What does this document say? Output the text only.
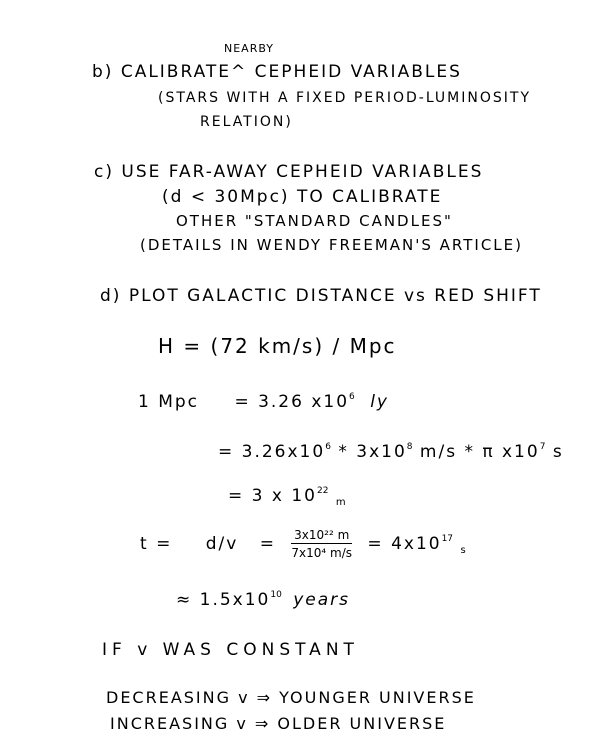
NEARBY
b) CALIBRATE^ CEPHEID VARIABLES
(STARS WITH A FIXED PERIOD-LUMINOSITY
RELATION)
c) USE FAR-AWAY CEPHEID VARIABLES
(d < 30Mpc) TO CALIBRATE
OTHER "STANDARD CANDLES"
(DETAILS IN WENDY FREEMAN'S ARTICLE)
d) PLOT GALACTIC DISTANCE vs RED SHIFT
H = (72 km/s) / Mpc
1 Mpc = 3.26 $x10^6$ ly
= $3.26x10^6 * 3x10^8$ m/s * π $x10^7$ s
= 3 x $10^{22}$ $_m$
$t = d/v = \frac{\text{3x10²² m}}{\text{7x10⁴ m/s}} = 4x10^{17}$ $_s$
≈ $1.5x10^{10}$ years
IF v WAS CONSTANT
DECREASING v ⇒ YOUNGER UNIVERSE
INCREASING v ⇒ OLDER UNIVERSE
